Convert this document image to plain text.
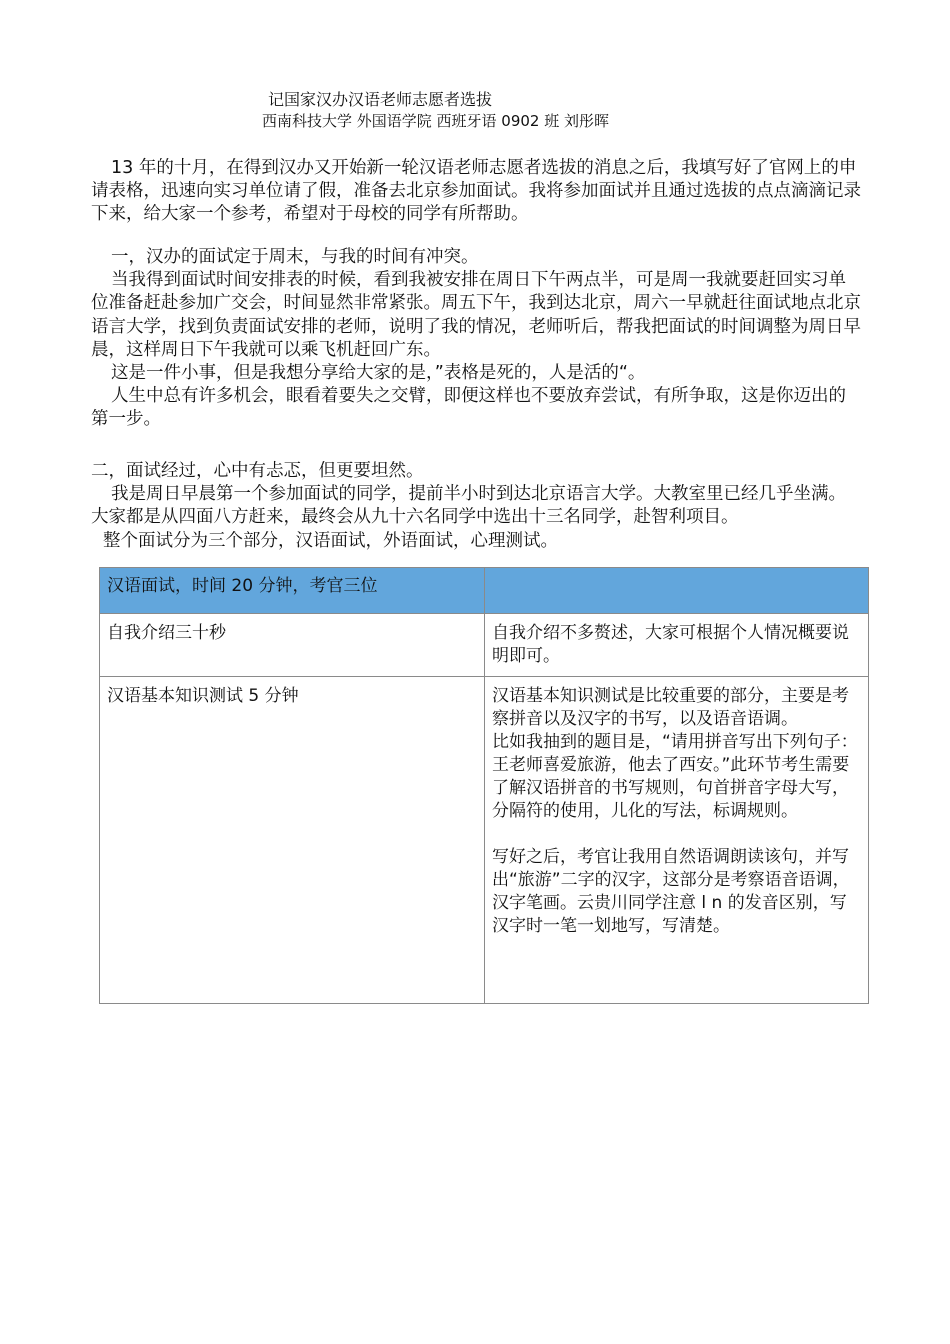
记国家汉办汉语老师志愿者选拔
西南科技大学 外国语学院 西班牙语 0902 班 刘彤晖

13 年的十月，在得到汉办又开始新一轮汉语老师志愿者选拔的消息之后，我填写好了官网上的申请表格，迅速向实习单位请了假，准备去北京参加面试。我将参加面试并且通过选拔的点点滴滴记录下来，给大家一个参考，希望对于母校的同学有所帮助。

一，汉办的面试定于周末，与我的时间有冲突。

当我得到面试时间安排表的时候，看到我被安排在周日下午两点半，可是周一我就要赶回实习单位准备赶赴参加广交会，时间显然非常紧张。周五下午，我到达北京，周六一早就赶往面试地点北京语言大学，找到负责面试安排的老师，说明了我的情况，老师听后，帮我把面试的时间调整为周日早晨，这样周日下午我就可以乘飞机赶回广东。

这是一件小事，但是我想分享给大家的是，”表格是死的，人是活的“。

人生中总有许多机会，眼看着要失之交臂，即便这样也不要放弃尝试，有所争取，这是你迈出的第一步。

二，面试经过，心中有忐忑，但更要坦然。

我是周日早晨第一个参加面试的同学，提前半小时到达北京语言大学。大教室里已经几乎坐满。大家都是从四面八方赶来，最终会从九十六名同学中选出十三名同学，赴智利项目。

整个面试分为三个部分，汉语面试，外语面试，心理测试。

汉语面试，时间 20 分钟，考官三位	
自我介绍三十秒	自我介绍不多赘述，大家可根据个人情况概要说明即可。

汉语基本知识测试 5 分钟	汉语基本知识测试是比较重要的部分，主要是考察拼音以及汉字的书写，以及语音语调。

比如我抽到的题目是，“请用拼音写出下列句子：王老师喜爱旅游，他去了西安。”此环节考生需要了解汉语拼音的书写规则，句首拼音字母大写，分隔符的使用，儿化的写法，标调规则。

写好之后，考官让我用自然语调朗读该句，并写出“旅游”二字的汉字，这部分是考察语音语调，汉字笔画。云贵川同学注意 l n 的发音区别，写汉字时一笔一划地写，写清楚。
